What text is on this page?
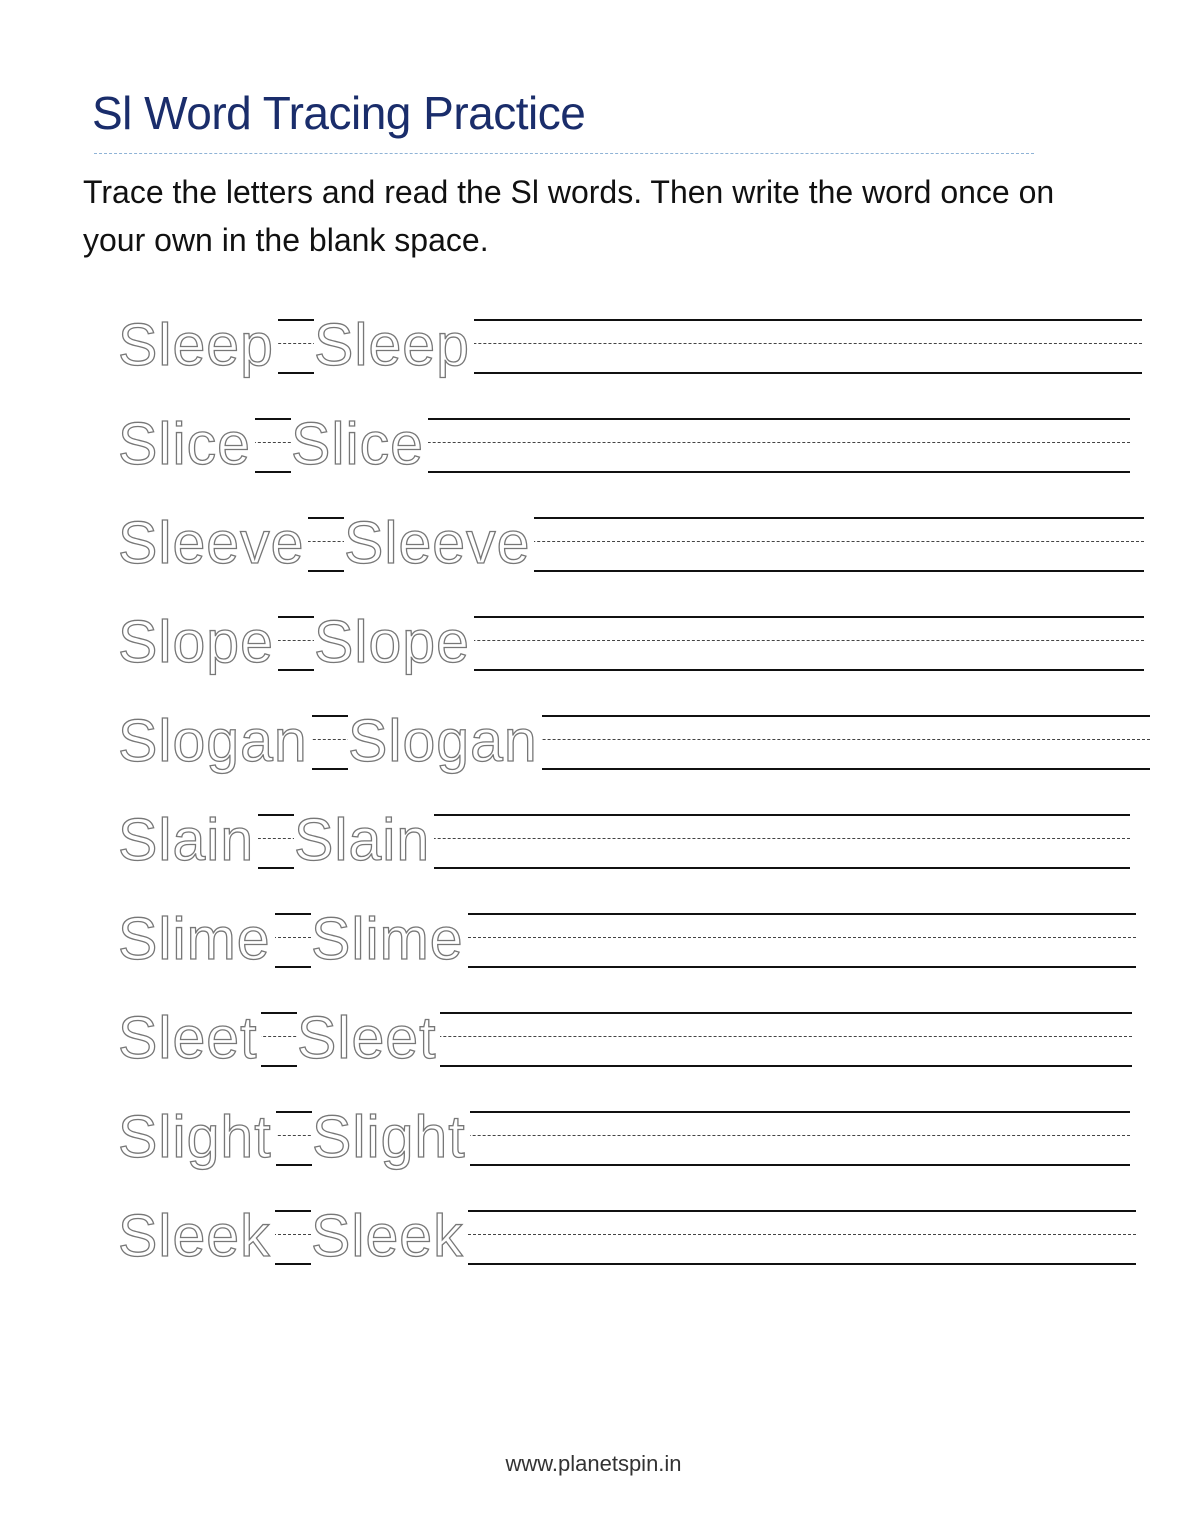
Sl Word Tracing Practice

Trace the letters and read the Sl words. Then write the word once on your own in the blank space.

Sleep Sleep
Slice Slice
Sleeve Sleeve
Slope Slope
Slogan Slogan
Slain Slain
Slime Slime
Sleet Sleet
Slight Slight
Sleek Sleek
www.planetspin.in
